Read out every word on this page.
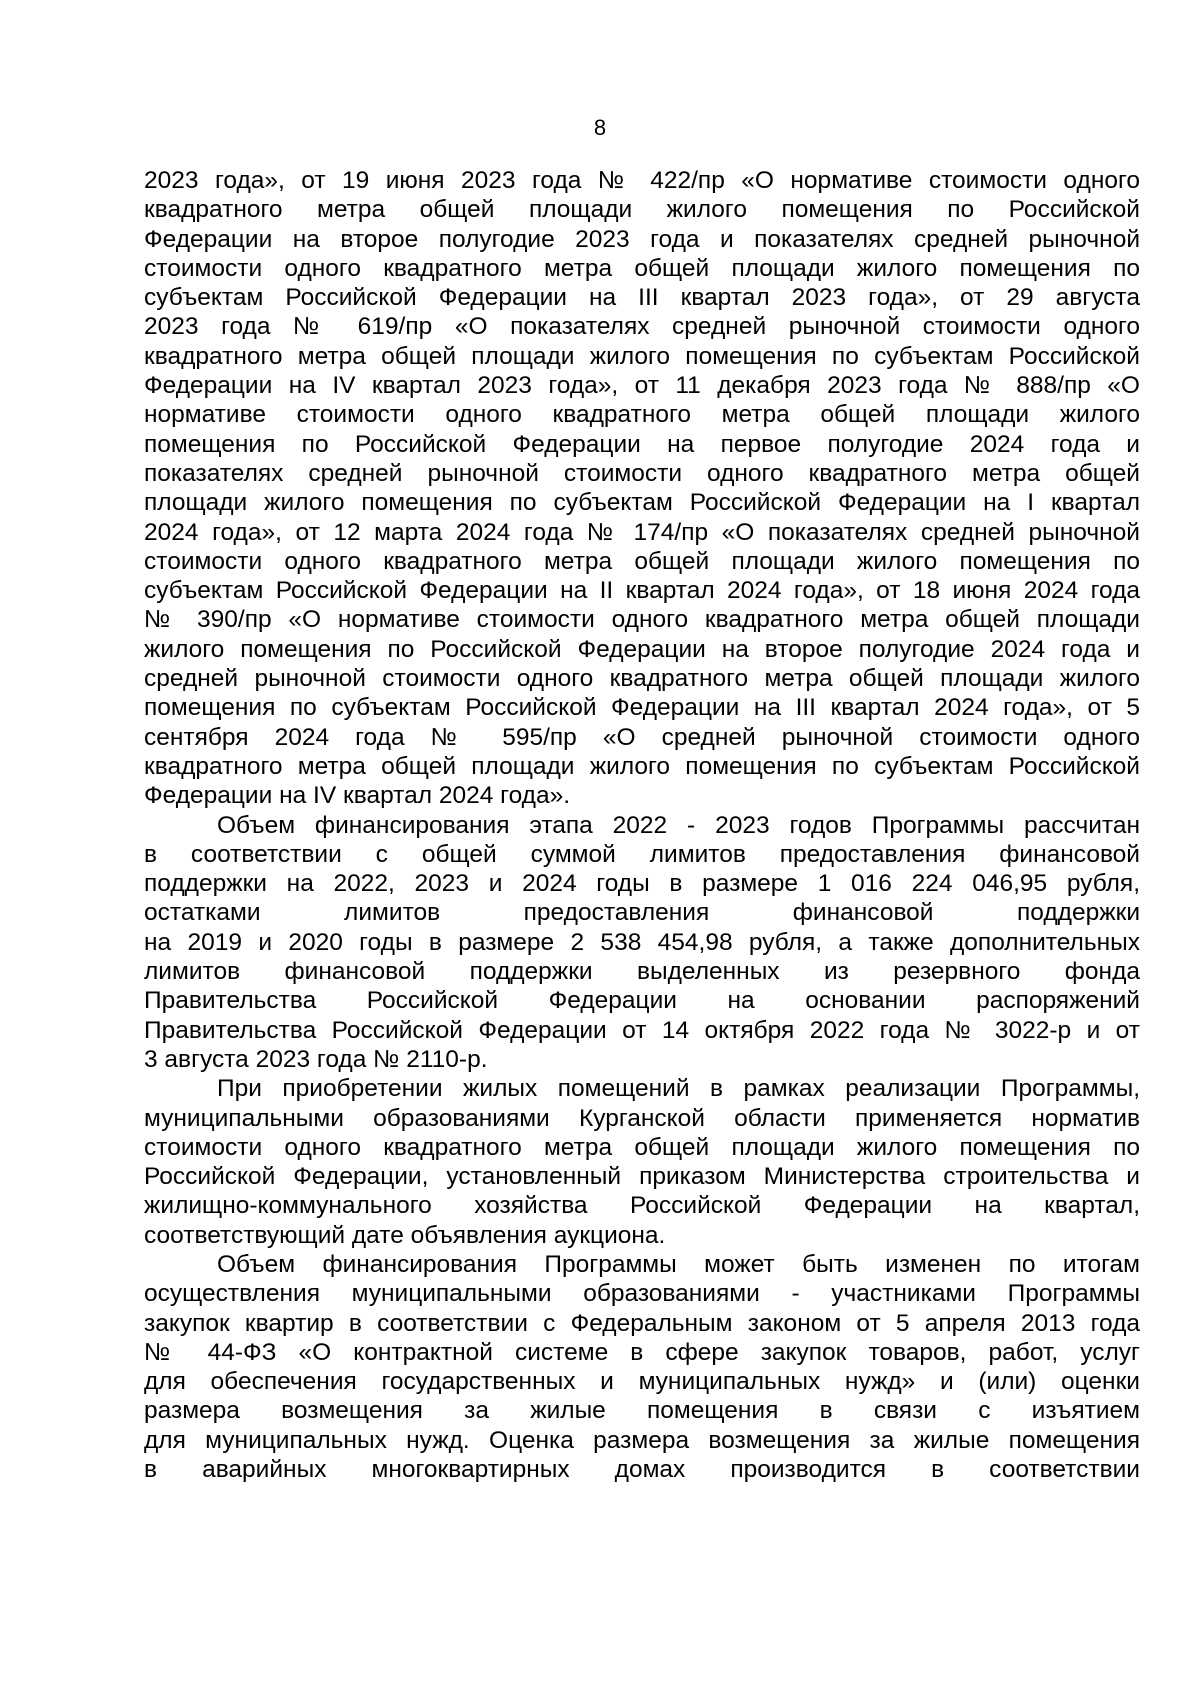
8
2023 года», от 19 июня 2023 года № 422/пр «О нормативе стоимости одного
квадратного метра общей площади жилого помещения по Российской
Федерации на второе полугодие 2023 года и показателях средней рыночной
стоимости одного квадратного метра общей площади жилого помещения по
субъектам Российской Федерации на III квартал 2023 года», от 29 августа
2023 года № 619/пр «О показателях средней рыночной стоимости одного
квадратного метра общей площади жилого помещения по субъектам Российской
Федерации на IV квартал 2023 года», от 11 декабря 2023 года № 888/пр «О
нормативе стоимости одного квадратного метра общей площади жилого
помещения по Российской Федерации на первое полугодие 2024 года и
показателях средней рыночной стоимости одного квадратного метра общей
площади жилого помещения по субъектам Российской Федерации на I квартал
2024 года», от 12 марта 2024 года № 174/пр «О показателях средней рыночной
стоимости одного квадратного метра общей площади жилого помещения по
субъектам Российской Федерации на II квартал 2024 года», от 18 июня 2024 года
№ 390/пр «О нормативе стоимости одного квадратного метра общей площади
жилого помещения по Российской Федерации на второе полугодие 2024 года и
средней рыночной стоимости одного квадратного метра общей площади жилого
помещения по субъектам Российской Федерации на III квартал 2024 года», от 5
сентября 2024 года № 595/пр «О средней рыночной стоимости одного
квадратного метра общей площади жилого помещения по субъектам Российской
Федерации на IV квартал 2024 года».
Объем финансирования этапа 2022 - 2023 годов Программы рассчитан
в соответствии с общей суммой лимитов предоставления финансовой
поддержки на 2022, 2023 и 2024 годы в размере 1 016 224 046,95 рубля,
остатками лимитов предоставления финансовой поддержки
на 2019 и 2020 годы в размере 2 538 454,98 рубля, а также дополнительных
лимитов финансовой поддержки выделенных из резервного фонда
Правительства Российской Федерации на основании распоряжений
Правительства Российской Федерации от 14 октября 2022 года № 3022-р и от
3 августа 2023 года № 2110-р.
При приобретении жилых помещений в рамках реализации Программы,
муниципальными образованиями Курганской области применяется норматив
стоимости одного квадратного метра общей площади жилого помещения по
Российской Федерации, установленный приказом Министерства строительства и
жилищно-коммунального хозяйства Российской Федерации на квартал,
соответствующий дате объявления аукциона.
Объем финансирования Программы может быть изменен по итогам
осуществления муниципальными образованиями - участниками Программы
закупок квартир в соответствии с Федеральным законом от 5 апреля 2013 года
№ 44-ФЗ «О контрактной системе в сфере закупок товаров, работ, услуг
для обеспечения государственных и муниципальных нужд» и (или) оценки
размера возмещения за жилые помещения в связи с изъятием
для муниципальных нужд. Оценка размера возмещения за жилые помещения
в аварийных многоквартирных домах производится в соответствии
